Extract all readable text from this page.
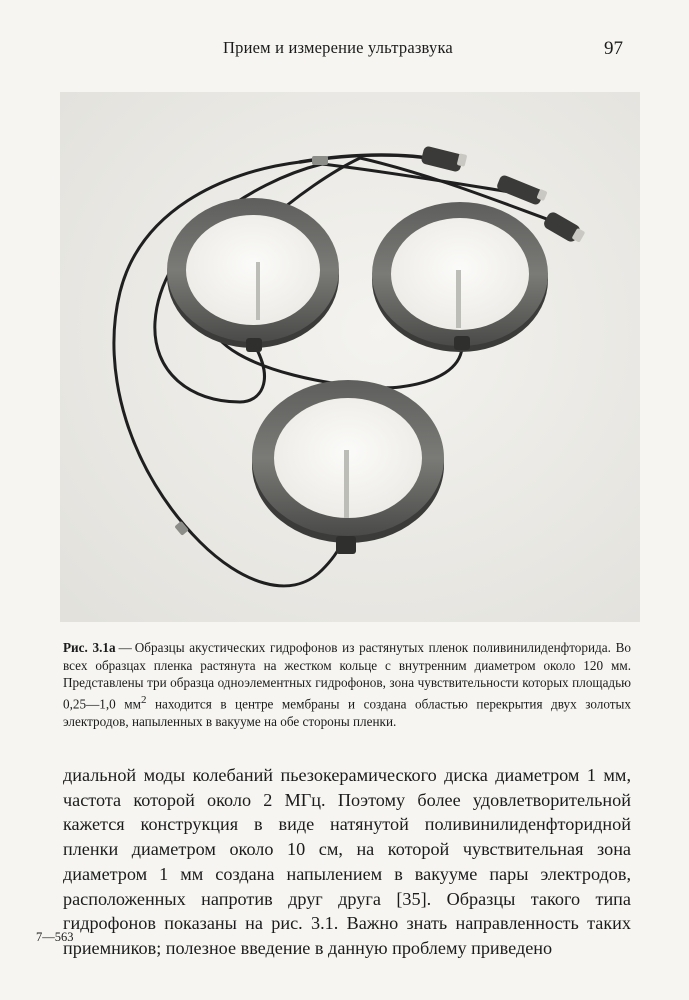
Прием и измерение ультразвука	97
Рис. 3.1а — Образцы акустических гидрофонов из растянутых пленок поливинилиденфторида. Во всех образцах пленка растянута на жестком кольце с внутренним диаметром около 120 мм. Представлены три образца одноэлементных гидрофонов, зона чувствительности которых площадью 0,25—1,0 $мм^2$ находится в центре мембраны и создана областью перекрытия двух золотых электродов, напыленных в вакууме на обе стороны пленки.
диальной моды колебаний пьезокерамического диска диаметром 1 мм, частота которой около 2 МГц. Поэтому более удовлетворительной кажется конструкция в виде натянутой поливинилиденфторидной пленки диаметром около 10 см, на которой чувствительная зона диаметром 1 мм создана напылением в вакууме пары электродов, расположенных напротив друг друга [35]. Образцы такого типа гидрофонов показаны на рис. 3.1. Важно знать направленность таких приемников; полезное введение в данную проблему приведено
7—563
